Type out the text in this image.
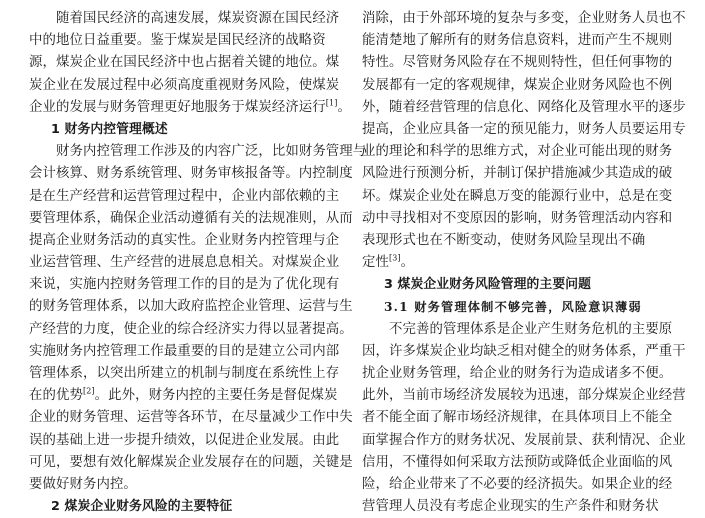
随着国民经济的高速发展，煤炭资源在国民经济
中的地位日益重要。鉴于煤炭是国民经济的战略资
源，煤炭企业在国民经济中也占据着关键的地位。煤
炭企业在发展过程中必须高度重视财务风险，使煤炭
企业的发展与财务管理更好地服务于煤炭经济运行[1]。
1 财务内控管理概述
财务内控管理工作涉及的内容广泛，比如财务管理与
会计核算、财务系统管理、财务审核报备等。内控制度
是在生产经营和运营管理过程中，企业内部依赖的主
要管理体系，确保企业活动遵循有关的法规准则，从而
提高企业财务活动的真实性。企业财务内控管理与企
业运营管理、生产经营的进展息息相关。对煤炭企业
来说，实施内控财务管理工作的目的是为了优化现有
的财务管理体系，以加大政府监控企业管理、运营与生
产经营的力度，使企业的综合经济实力得以显著提高。
实施财务内控管理工作最重要的目的是建立公司内部
管理体系，以突出所建立的机制与制度在系统性上存
在的优势[2]。此外，财务内控的主要任务是督促煤炭
企业的财务管理、运营等各环节，在尽量减少工作中失
误的基础上进一步提升绩效，以促进企业发展。由此
可见，要想有效化解煤炭企业发展存在的问题，关键是
要做好财务内控。
2 煤炭企业财务风险的主要特征
消除，由于外部环境的复杂与多变，企业财务人员也不
能清楚地了解所有的财务信息资料，进而产生不规则
特性。尽管财务风险存在不规则特性，但任何事物的
发展都有一定的客观规律，煤炭企业财务风险也不例
外，随着经营管理的信息化、网络化及管理水平的逐步
提高，企业应具备一定的预见能力，财务人员要运用专
业的理论和科学的思维方式，对企业可能出现的财务
风险进行预测分析，并制订保护措施减少其造成的破
坏。煤炭企业处在瞬息万变的能源行业中，总是在变
动中寻找相对不变原因的影响，财务管理活动内容和
表现形式也在不断变动，使财务风险呈现出不确
定性[3]。
3 煤炭企业财务风险管理的主要问题
3.1 财务管理体制不够完善，风险意识薄弱
不完善的管理体系是企业产生财务危机的主要原
因，许多煤炭企业均缺乏相对健全的财务体系，严重干
扰企业财务管理，给企业的财务行为造成诸多不便。
此外，当前市场经济发展较为迅速，部分煤炭企业经营
者不能全面了解市场经济规律，在具体项目上不能全
面掌握合作方的财务状况、发展前景、获利情况、企业
信用，不懂得如何采取方法预防或降低企业面临的风
险，给企业带来了不必要的经济损失。如果企业的经
营管理人员没有考虑企业现实的生产条件和财务状
